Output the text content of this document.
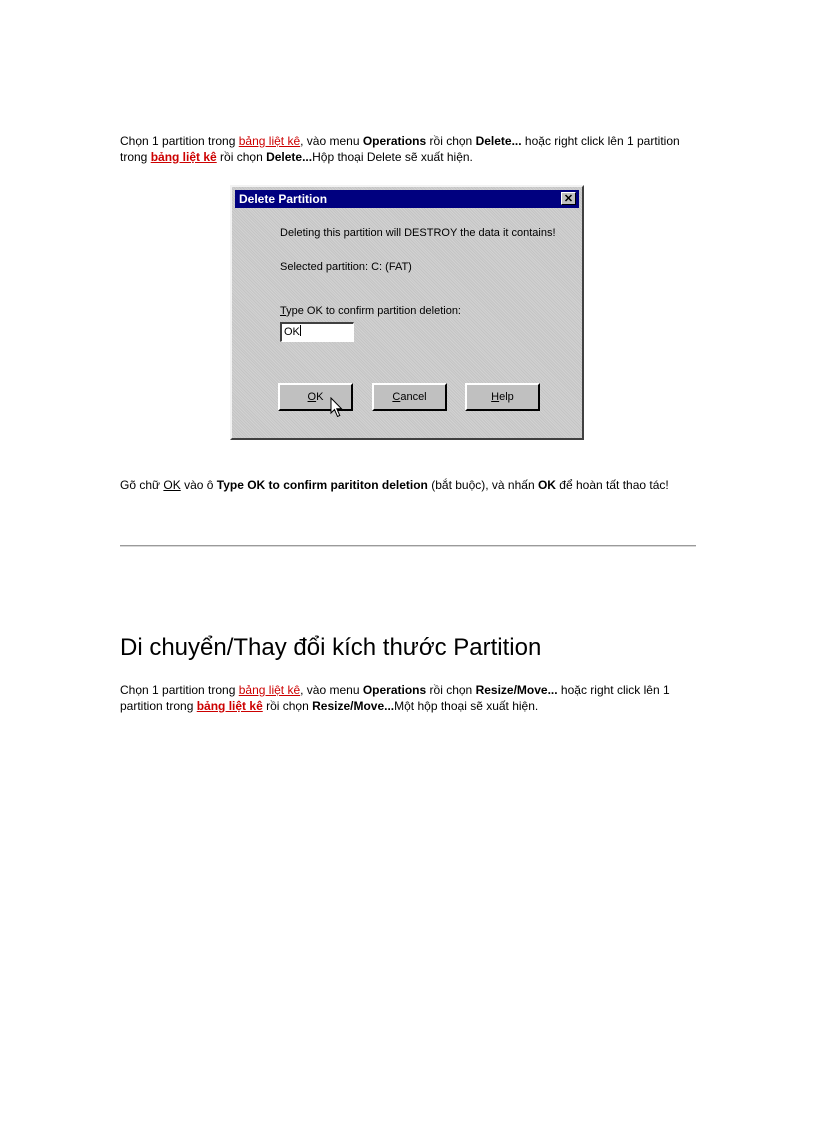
Chọn 1 partition trong bảng liệt kê, vào menu Operations rồi chọn Delete... hoặc right click lên 1 partition trong bảng liệt kê rồi chọn Delete...Hộp thoại Delete sẽ xuất hiện.

Delete Partition	✕
Deleting this partition will DESTROY the data it contains!
Selected partition: C: (FAT)
Type OK to confirm partition deletion:
OK
OK	Cancel	Help

Gõ chữ OK vào ô Type OK to confirm parititon deletion (bắt buộc), và nhấn OK để hoàn tất thao tác!

Di chuyển/Thay đổi kích thước Partition

Chọn 1 partition trong bảng liệt kê, vào menu Operations rồi chọn Resize/Move... hoặc right click lên 1 partition trong bảng liệt kê rồi chọn Resize/Move...Một hộp thoại sẽ xuất hiện.
